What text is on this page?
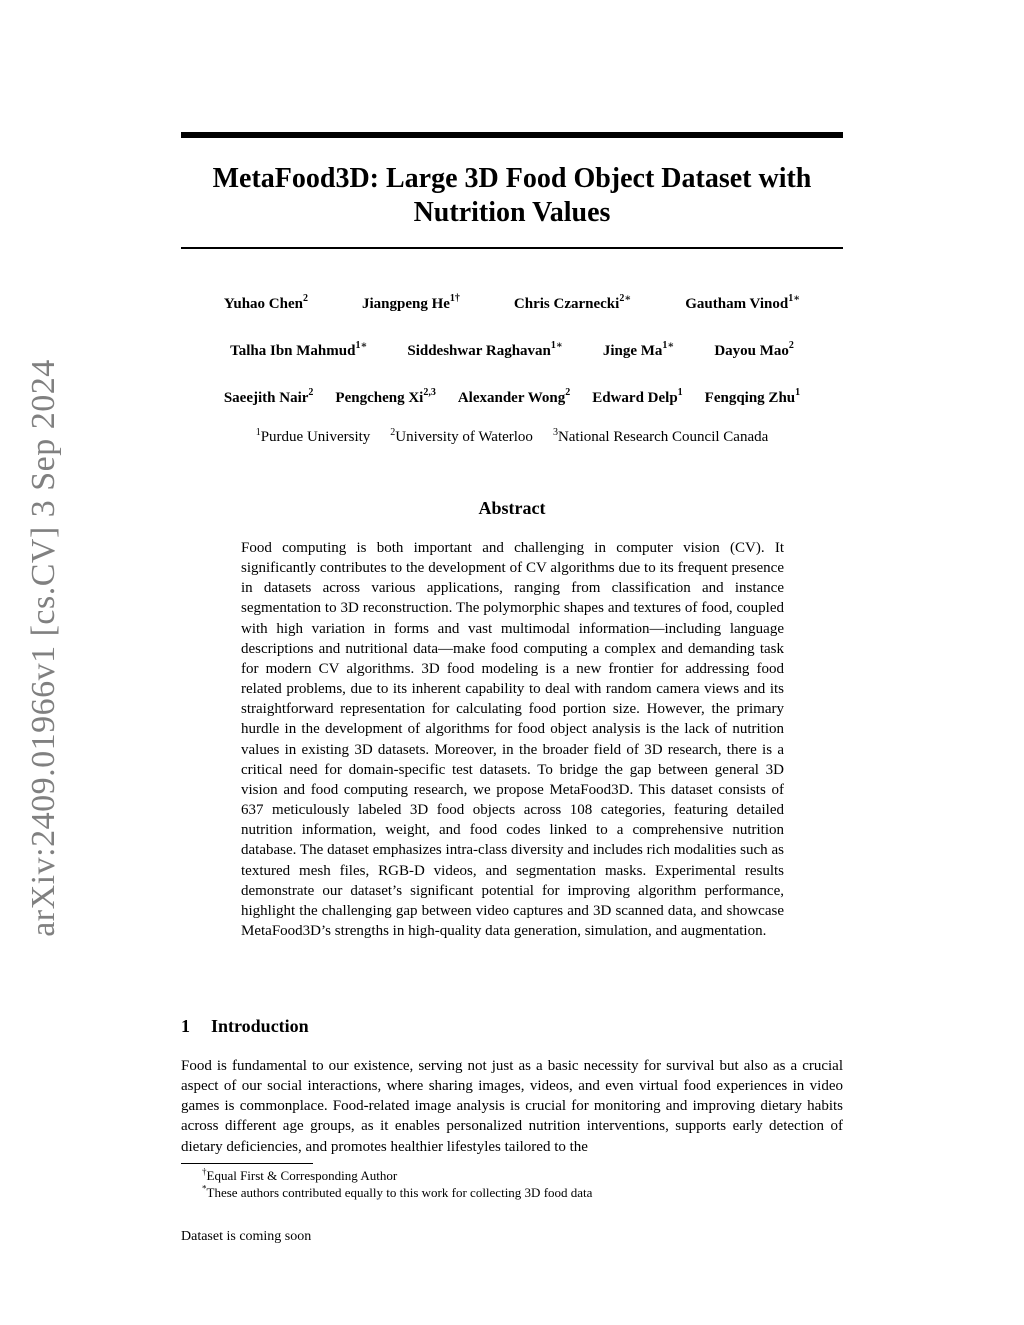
arXiv:2409.01966v1 [cs.CV] 3 Sep 2024
MetaFood3D: Large 3D Food Object Dataset with Nutrition Values
Yuhao Chen$^2$	Jiangpeng $He^{1\dagger}$	Chris Czarnecki$^{2∗}$	Gautham Vinod$^{1∗}$
Talha Ibn Mahmud$^{1∗}$	Siddeshwar Raghavan$^{1∗}$	Jinge $Ma^{1∗}$	Dayou Mao$^2$
Saeejith Nair$^2$ Pengcheng Xi$^{2,3}$ Alexander Wong$^2$ Edward Delp$^1$ Fengqing Zhu$^1$
$^1$Purdue University $^2$University of Waterloo $^3$National Research Council Canada
Abstract

Food computing is both important and challenging in computer vision (CV). It significantly contributes to the development of CV algorithms due to its frequent presence in datasets across various applications, ranging from classification and instance segmentation to 3D reconstruction. The polymorphic shapes and textures of food, coupled with high variation in forms and vast multimodal information—including language descriptions and nutritional data—make food computing a complex and demanding task for modern CV algorithms. 3D food modeling is a new frontier for addressing food related problems, due to its inherent capability to deal with random camera views and its straightforward representation for calculating food portion size. However, the primary hurdle in the development of algorithms for food object analysis is the lack of nutrition values in existing 3D datasets. Moreover, in the broader field of 3D research, there is a critical need for domain-specific test datasets. To bridge the gap between general 3D vision and food computing research, we propose MetaFood3D. This dataset consists of 637 meticulously labeled 3D food objects across 108 categories, featuring detailed nutrition information, weight, and food codes linked to a comprehensive nutrition database. The dataset emphasizes intra-class diversity and includes rich modalities such as textured mesh files, RGB-D videos, and segmentation masks. Experimental results demonstrate our dataset’s significant potential for improving algorithm performance, highlight the challenging gap between video captures and 3D scanned data, and showcase MetaFood3D’s strengths in high-quality data generation, simulation, and augmentation.

1 Introduction

Food is fundamental to our existence, serving not just as a basic necessity for survival but also as a crucial aspect of our social interactions, where sharing images, videos, and even virtual food experiences in video games is commonplace. Food-related image analysis is crucial for monitoring and improving dietary habits across different age groups, as it enables personalized nutrition interventions, supports early detection of dietary deficiencies, and promotes healthier lifestyles tailored to the

†Equal First & Corresponding Author
*These authors contributed equally to this work for collecting 3D food data
Dataset is coming soon
